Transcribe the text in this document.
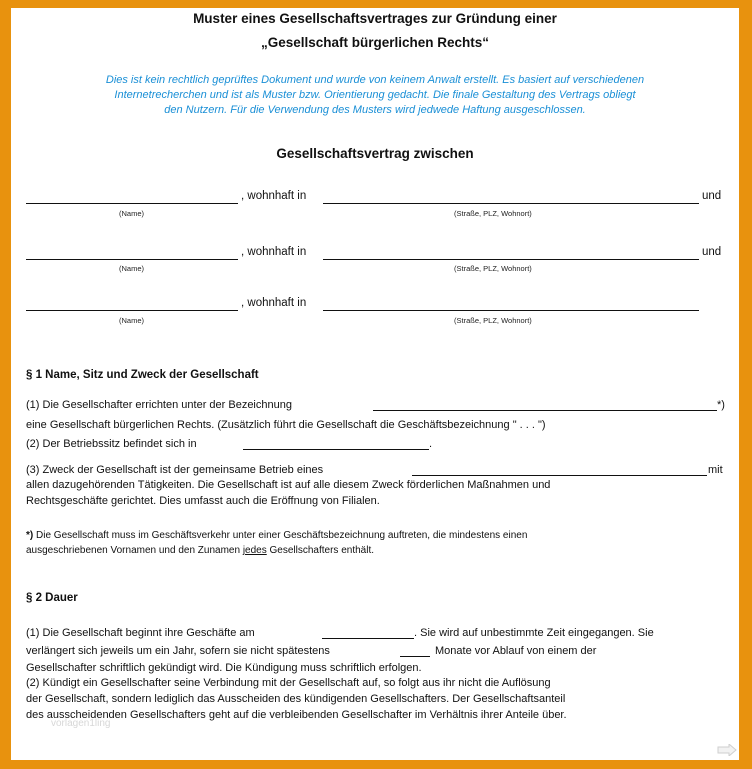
Muster eines Gesellschaftsvertrages zur Gründung einer
„Gesellschaft bürgerlichen Rechts“
Dies ist kein rechtlich geprüftes Dokument und wurde von keinem Anwalt erstellt. Es basiert auf verschiedenen
Internetrecherchen und ist als Muster bzw. Orientierung gedacht. Die finale Gestaltung des Vertrags obliegt
den Nutzern. Für die Verwendung des Musters wird jedwede Haftung ausgeschlossen.
Gesellschaftsvertrag zwischen
, wohnhaft in	und
(Name)	(Straße, PLZ, Wohnort)
, wohnhaft in	und
(Name)	(Straße, PLZ, Wohnort)
, wohnhaft in
(Name)	(Straße, PLZ, Wohnort)
§ 1 Name, Sitz und Zweck der Gesellschaft
(1) Die Gesellschafter errichten unter der Bezeichnung	*)
eine Gesellschaft bürgerlichen Rechts. (Zusätzlich führt die Gesellschaft die Geschäftsbezeichnung " . . . ")
(2) Der Betriebssitz befindet sich in	.
(3) Zweck der Gesellschaft ist der gemeinsame Betrieb eines	mit
allen dazugehörenden Tätigkeiten. Die Gesellschaft ist auf alle diesem Zweck förderlichen Maßnahmen und
Rechtsgeschäfte gerichtet. Dies umfasst auch die Eröffnung von Filialen.
*) Die Gesellschaft muss im Geschäftsverkehr unter einer Geschäftsbezeichnung auftreten, die mindestens einen
ausgeschriebenen Vornamen und den Zunamen jedes Gesellschafters enthält.
§ 2 Dauer
(1) Die Gesellschaft beginnt ihre Geschäfte am	. Sie wird auf unbestimmte Zeit eingegangen. Sie
verlängert sich jeweils um ein Jahr, sofern sie nicht spätestens	Monate vor Ablauf von einem der
Gesellschafter schriftlich gekündigt wird. Die Kündigung muss schriftlich erfolgen.
(2) Kündigt ein Gesellschafter seine Verbindung mit der Gesellschaft auf, so folgt aus ihr nicht die Auflösung
der Gesellschaft, sondern lediglich das Ausscheiden des kündigenden Gesellschafters. Der Gesellschaftsanteil
des ausscheidenden Gesellschafters geht auf die verbleibenden Gesellschafter im Verhältnis ihrer Anteile über.
vorlagen1ling
